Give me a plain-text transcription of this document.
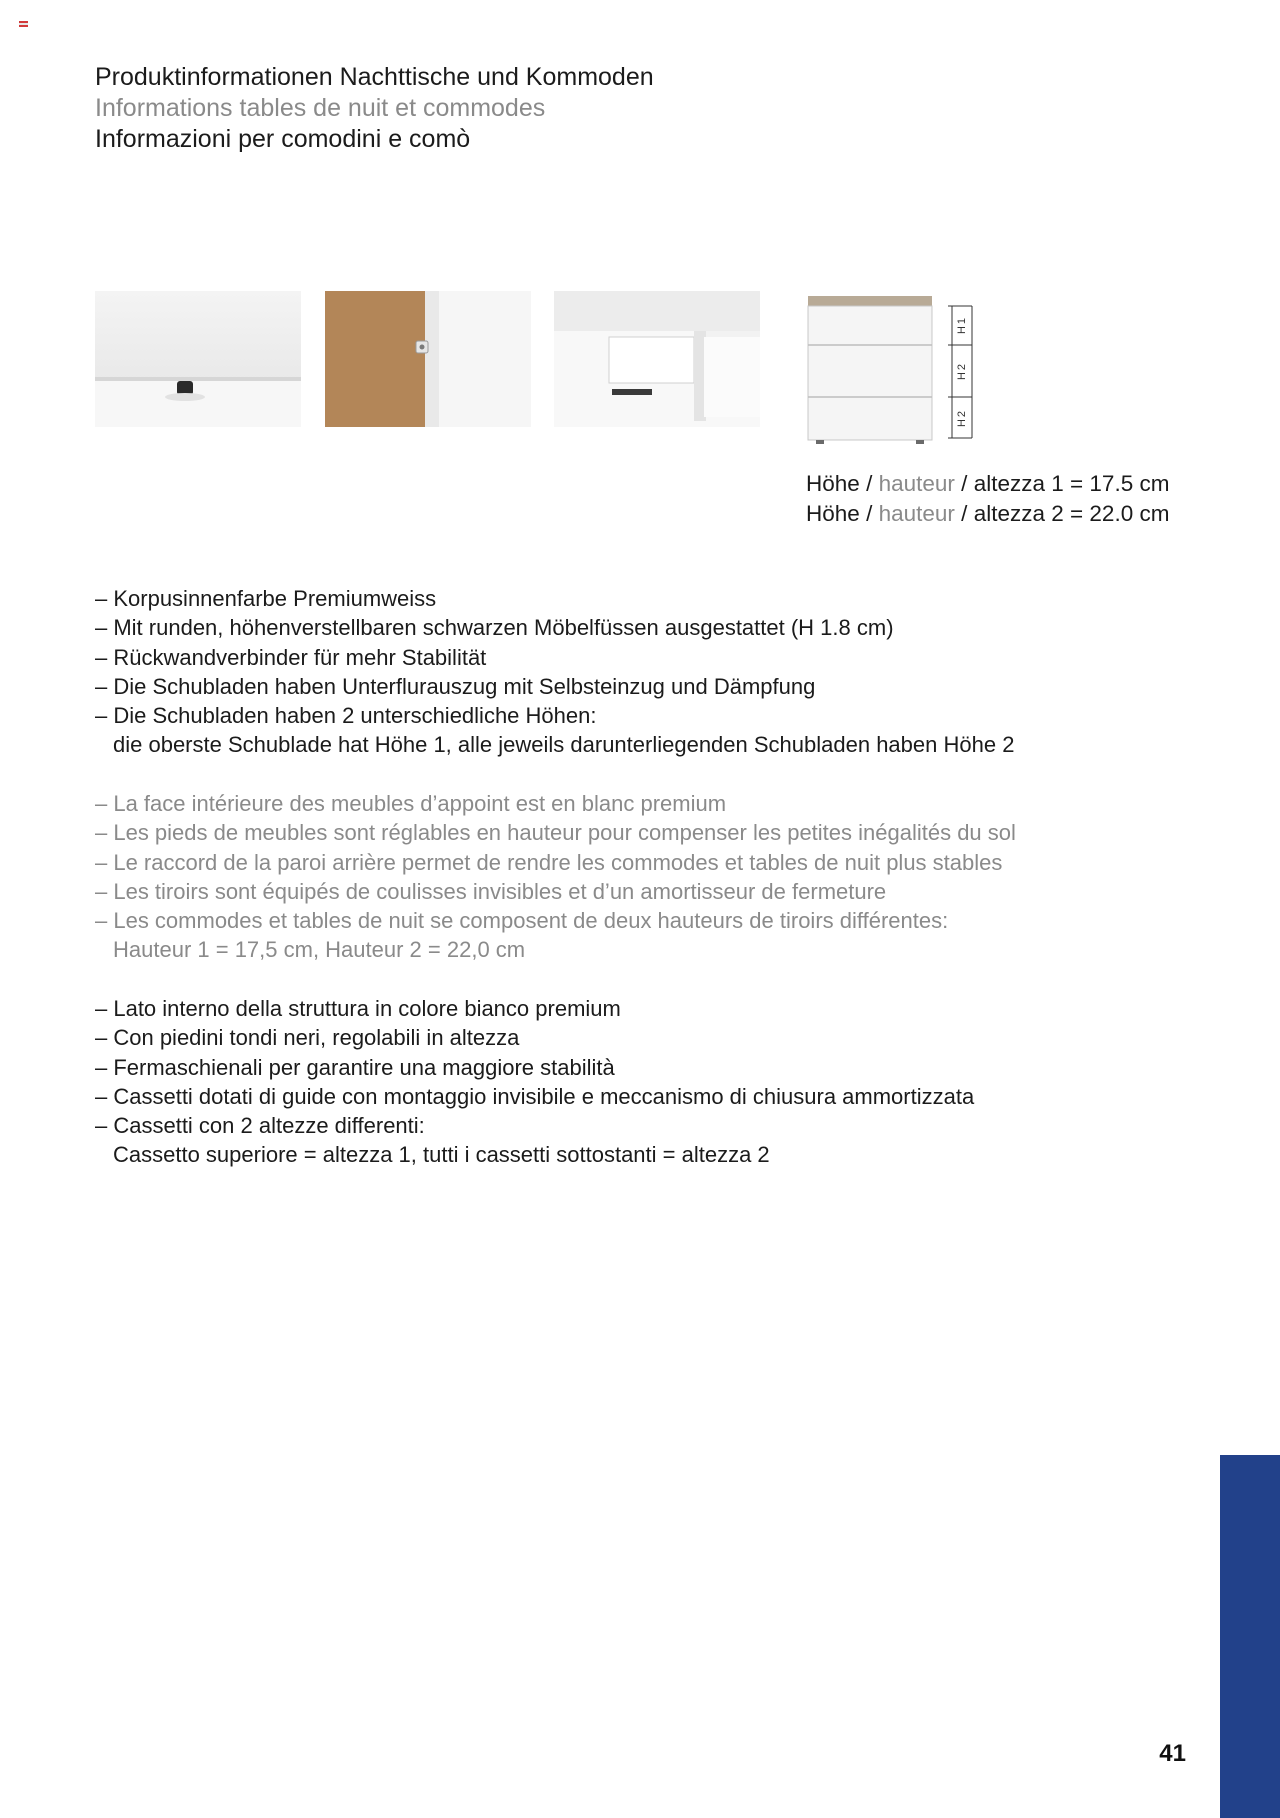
Produktinformationen Nachttische und Kommoden
Informations tables de nuit et commodes
Informazioni per comodini e comò
H1
H2
H2
Höhe / hauteur / altezza 1 = 17.5 cm
Höhe / hauteur / altezza 2 = 22.0 cm

– Korpusinnenfarbe Premiumweiss

– Mit runden, höhenverstellbaren schwarzen Möbelfüssen ausgestattet (H 1.8 cm)

– Rückwandverbinder für mehr Stabilität

– Die Schubladen haben Unterflurauszug mit Selbsteinzug und Dämpfung

– Die Schubladen haben 2 unterschiedliche Höhen:

die oberste Schublade hat Höhe 1, alle jeweils darunterliegenden Schubladen haben Höhe 2

– La face intérieure des meubles d’appoint est en blanc premium

– Les pieds de meubles sont réglables en hauteur pour compenser les petites inégalités du sol

– Le raccord de la paroi arrière permet de rendre les commodes et tables de nuit plus stables

– Les tiroirs sont équipés de coulisses invisibles et d’un amortisseur de fermeture

– Les commodes et tables de nuit se composent de deux hauteurs de tiroirs différentes:

Hauteur 1 = 17,5 cm, Hauteur 2 = 22,0 cm

– Lato interno della struttura in colore bianco premium

– Con piedini tondi neri, regolabili in altezza

– Fermaschienali per garantire una maggiore stabilità

– Cassetti dotati di guide con montaggio invisibile e meccanismo di chiusura ammortizzata

– Cassetti con 2 altezze differenti:

Cassetto superiore = altezza 1, tutti i cassetti sottostanti = altezza 2

41
